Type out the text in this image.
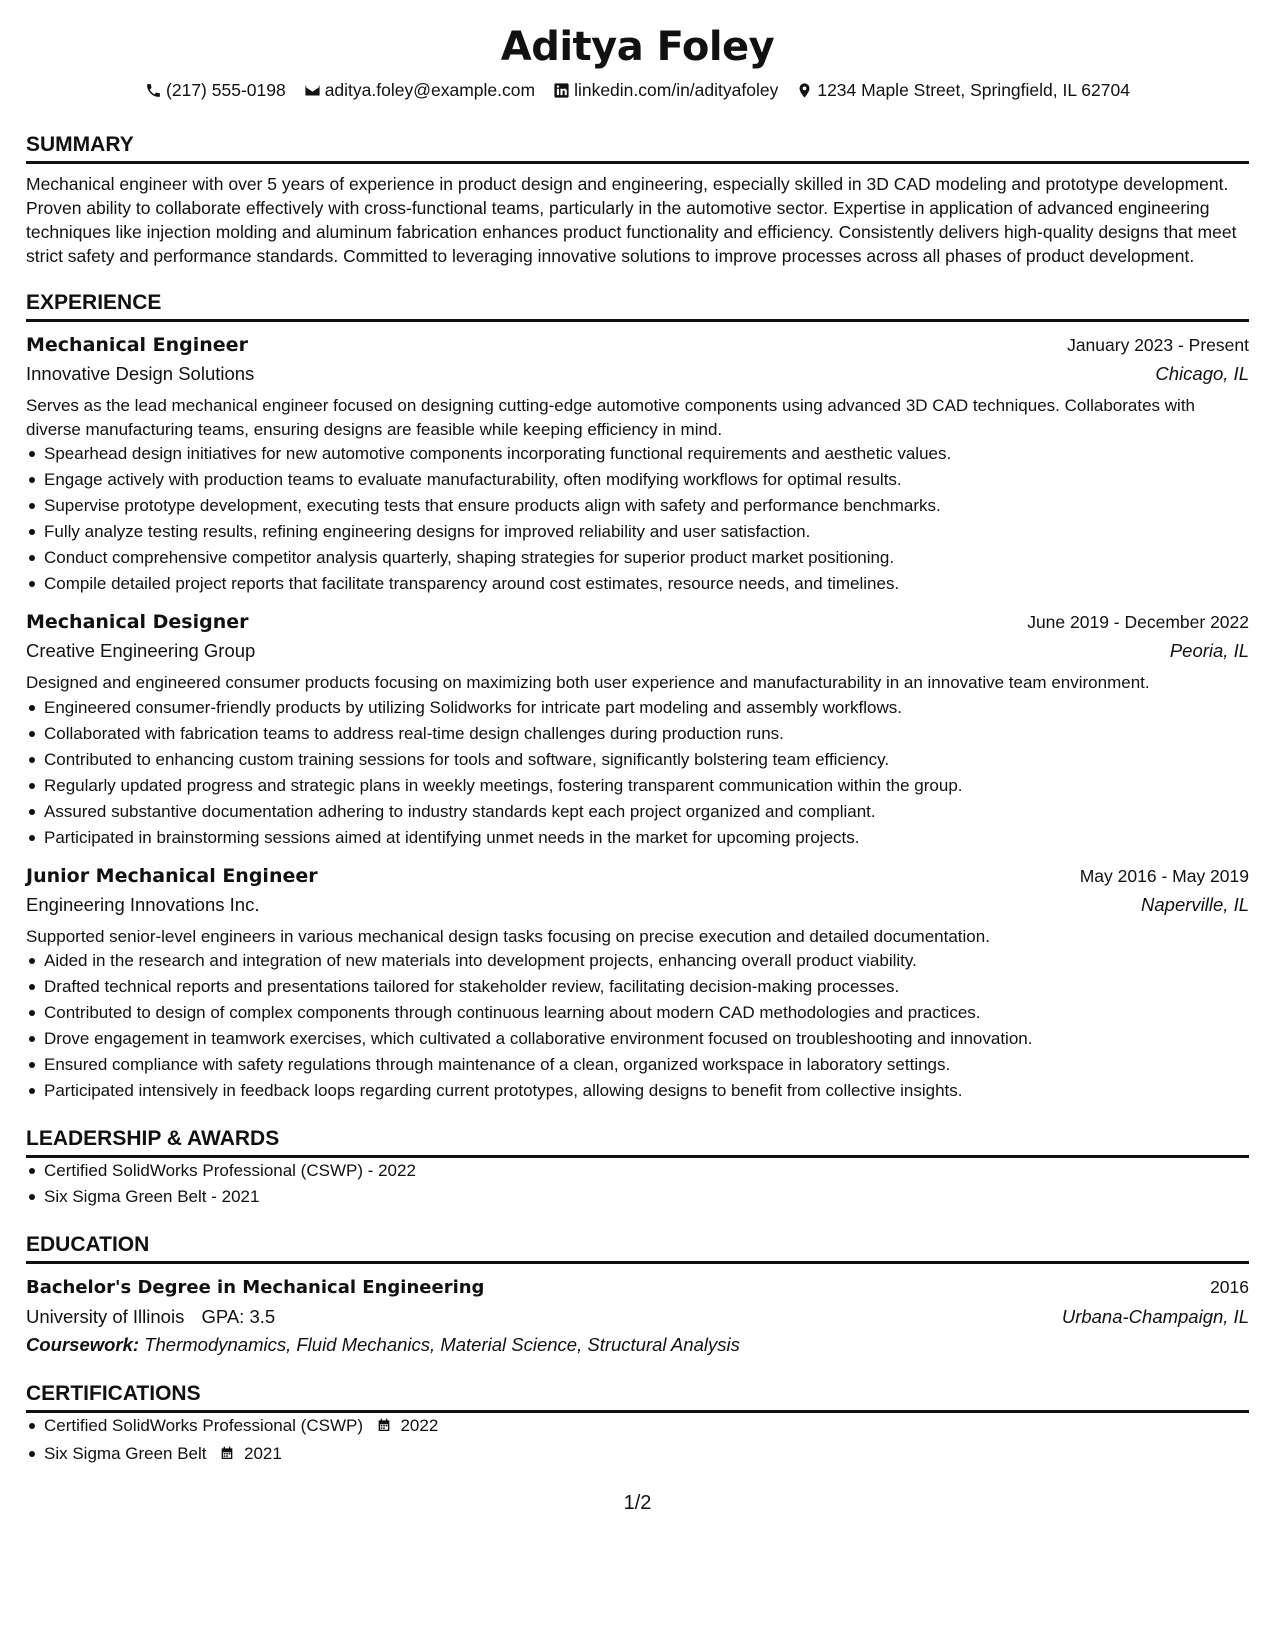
Aditya Foley
(217) 555-0198 aditya.foley@example.com linkedin.com/in/adityafoley 1234 Maple Street, Springfield, IL 62704
SUMMARY
Mechanical engineer with over 5 years of experience in product design and engineering, especially skilled in 3D CAD modeling and prototype development. Proven ability to collaborate effectively with cross-functional teams, particularly in the automotive sector. Expertise in application of advanced engineering techniques like injection molding and aluminum fabrication enhances product functionality and efficiency. Consistently delivers high-quality designs that meet strict safety and performance standards. Committed to leveraging innovative solutions to improve processes across all phases of product development.
EXPERIENCE
Mechanical Engineer	January 2023 - Present
Innovative Design Solutions	Chicago, IL
Serves as the lead mechanical engineer focused on designing cutting-edge automotive components using advanced 3D CAD techniques. Collaborates with diverse manufacturing teams, ensuring designs are feasible while keeping efficiency in mind.
Spearhead design initiatives for new automotive components incorporating functional requirements and aesthetic values.
Engage actively with production teams to evaluate manufacturability, often modifying workflows for optimal results.
Supervise prototype development, executing tests that ensure products align with safety and performance benchmarks.
Fully analyze testing results, refining engineering designs for improved reliability and user satisfaction.
Conduct comprehensive competitor analysis quarterly, shaping strategies for superior product market positioning.
Compile detailed project reports that facilitate transparency around cost estimates, resource needs, and timelines.
Mechanical Designer	June 2019 - December 2022
Creative Engineering Group	Peoria, IL
Designed and engineered consumer products focusing on maximizing both user experience and manufacturability in an innovative team environment.
Engineered consumer-friendly products by utilizing Solidworks for intricate part modeling and assembly workflows.
Collaborated with fabrication teams to address real-time design challenges during production runs.
Contributed to enhancing custom training sessions for tools and software, significantly bolstering team efficiency.
Regularly updated progress and strategic plans in weekly meetings, fostering transparent communication within the group.
Assured substantive documentation adhering to industry standards kept each project organized and compliant.
Participated in brainstorming sessions aimed at identifying unmet needs in the market for upcoming projects.
Junior Mechanical Engineer	May 2016 - May 2019
Engineering Innovations Inc.	Naperville, IL
Supported senior-level engineers in various mechanical design tasks focusing on precise execution and detailed documentation.
Aided in the research and integration of new materials into development projects, enhancing overall product viability.
Drafted technical reports and presentations tailored for stakeholder review, facilitating decision-making processes.
Contributed to design of complex components through continuous learning about modern CAD methodologies and practices.
Drove engagement in teamwork exercises, which cultivated a collaborative environment focused on troubleshooting and innovation.
Ensured compliance with safety regulations through maintenance of a clean, organized workspace in laboratory settings.
Participated intensively in feedback loops regarding current prototypes, allowing designs to benefit from collective insights.
LEADERSHIP & AWARDS
Certified SolidWorks Professional (CSWP) - 2022
Six Sigma Green Belt - 2021
EDUCATION
Bachelor's Degree in Mechanical Engineering	2016
University of Illinois GPA: 3.5	Urbana-Champaign, IL
Coursework: Thermodynamics, Fluid Mechanics, Material Science, Structural Analysis
CERTIFICATIONS
Certified SolidWorks Professional (CSWP) 2022
Six Sigma Green Belt 2021
1/2
